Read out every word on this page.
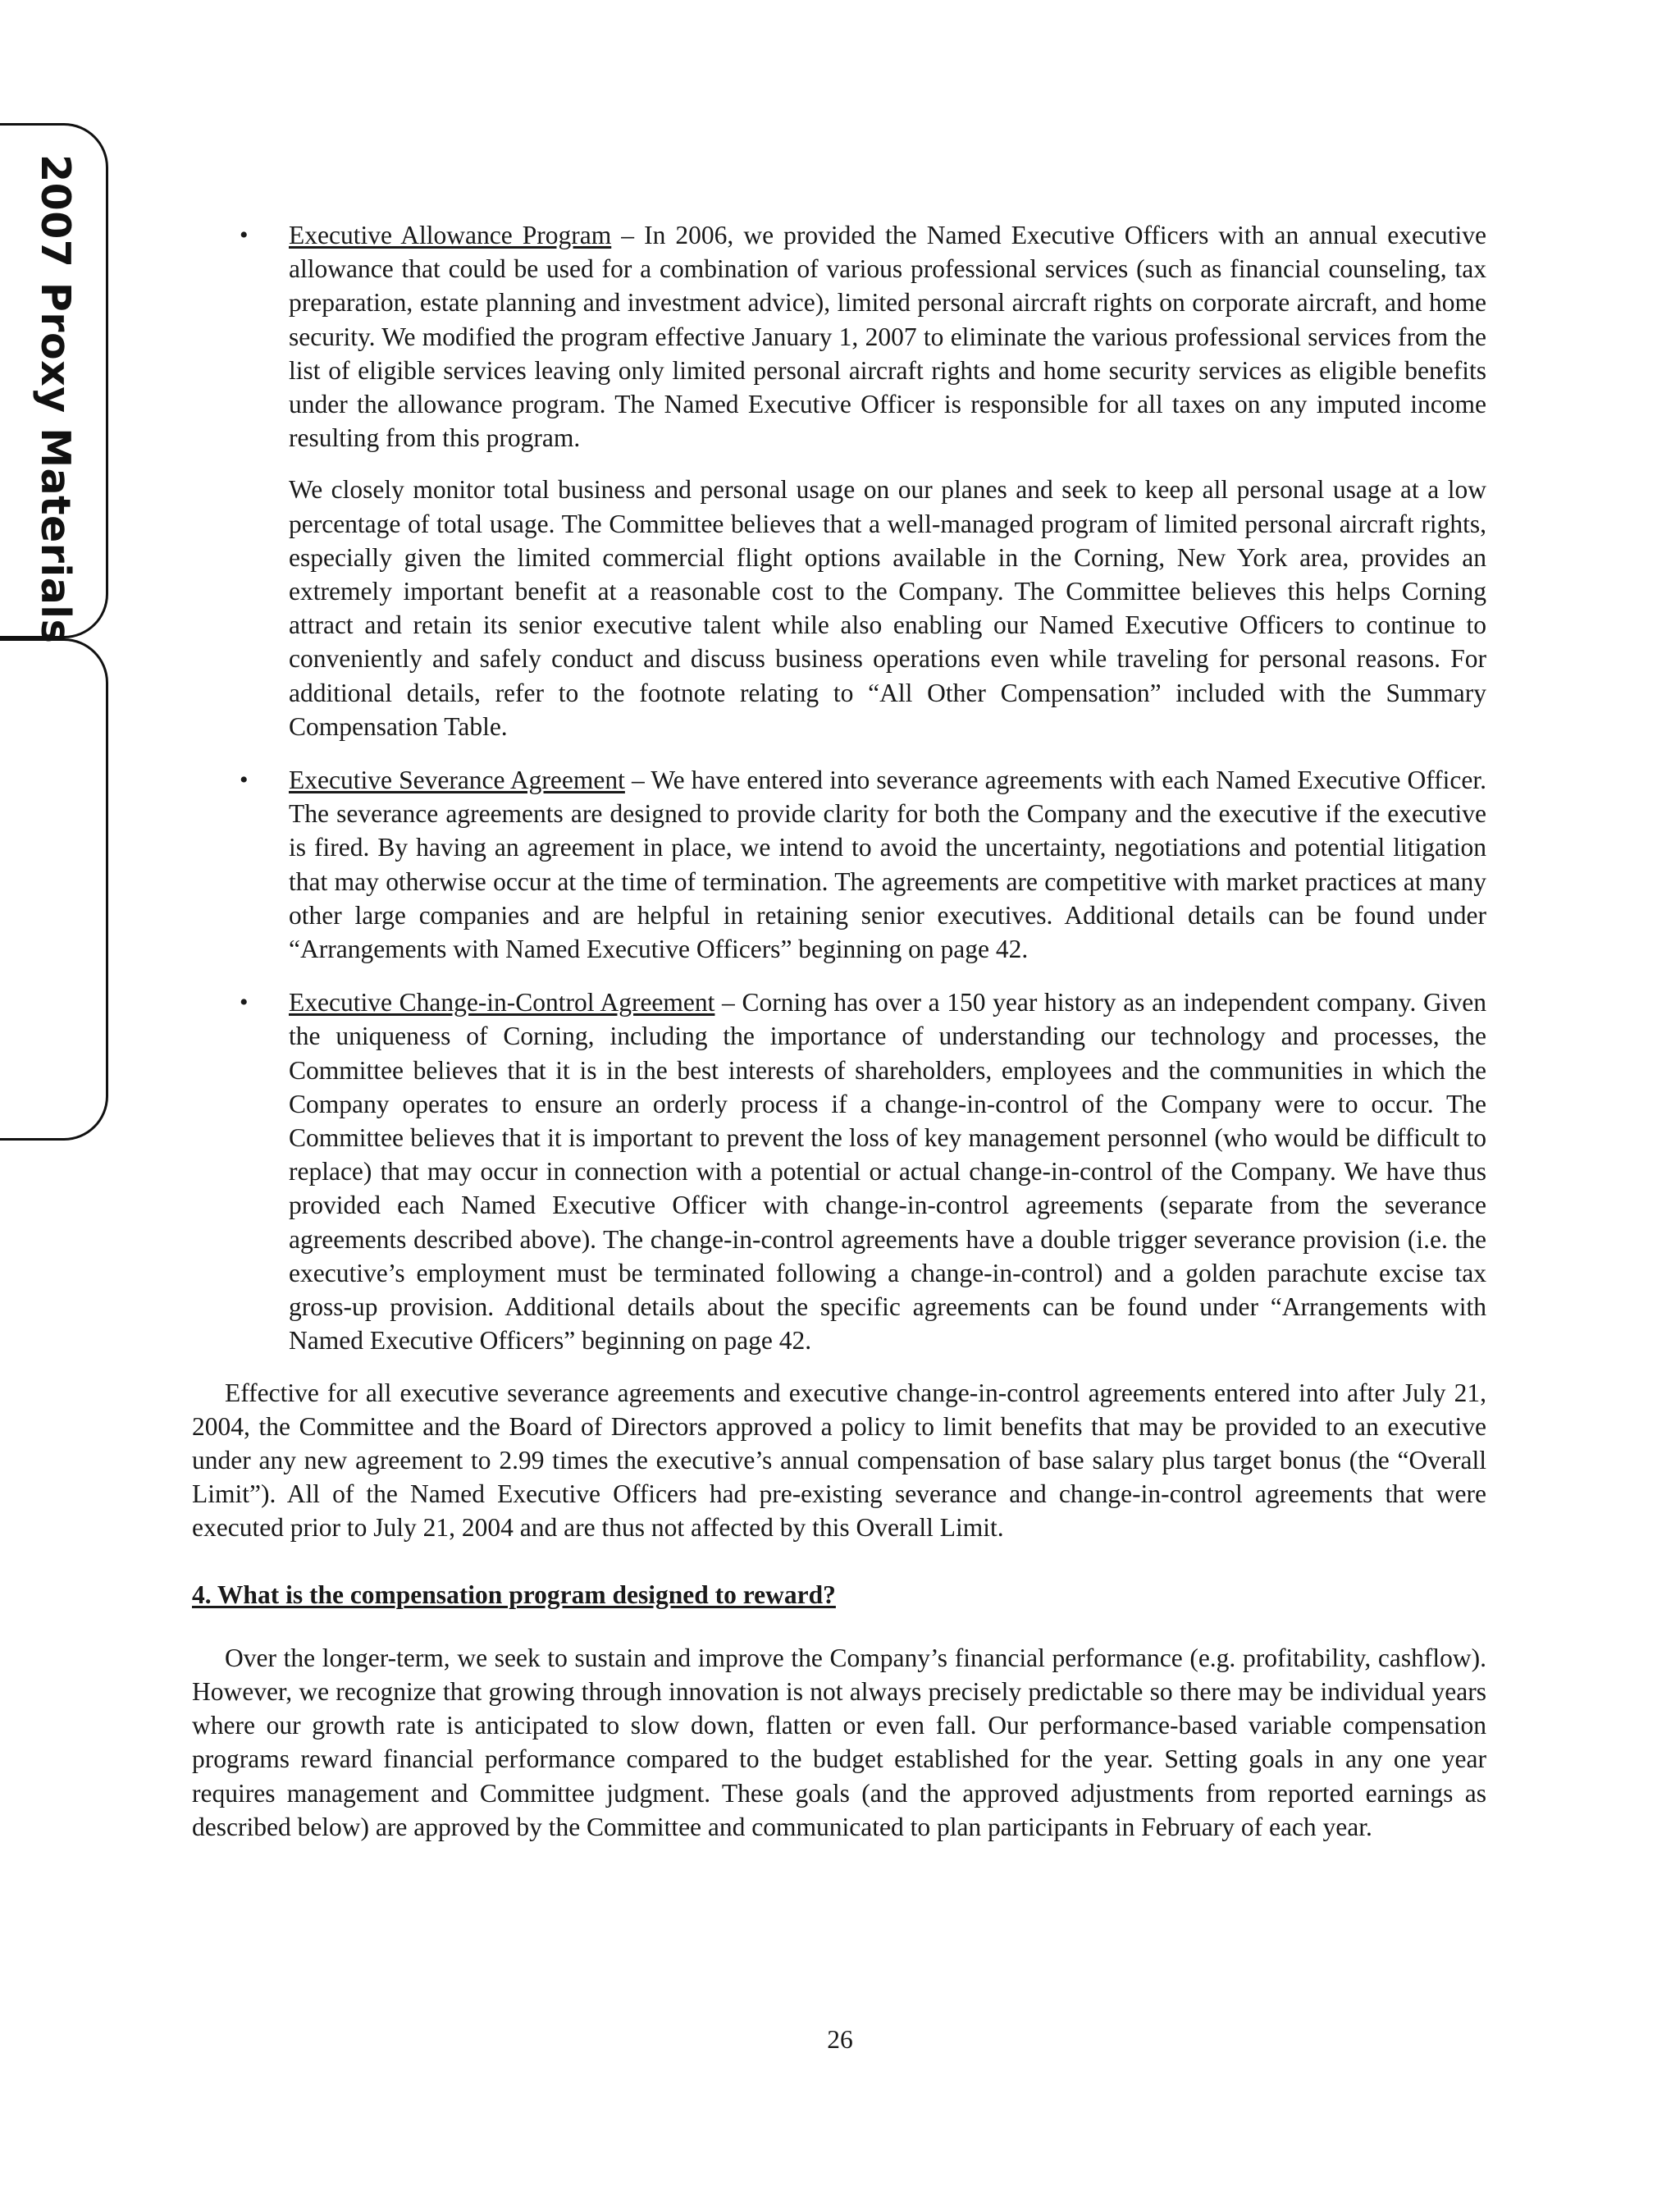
2007 Proxy Materials	• Executive Allowance Program – In 2006, we provided the Named Executive Officers with an annual executive allowance that could be used for a combination of various professional services (such as financial counseling, tax preparation, estate planning and investment advice), limited personal aircraft rights on corporate aircraft, and home security. We modified the program effective January 1, 2007 to eliminate the various professional services from the list of eligible services leaving only limited personal aircraft rights and home security services as eligible benefits under the allowance program. The Named Executive Officer is responsible for all taxes on any imputed income resulting from this program.

We closely monitor total business and personal usage on our planes and seek to keep all personal usage at a low percentage of total usage. The Committee believes that a well-managed program of limited personal aircraft rights, especially given the limited commercial flight options available in the Corning, New York area, provides an extremely important benefit at a reasonable cost to the Company. The Committee believes this helps Corning attract and retain its senior executive talent while also enabling our Named Executive Officers to continue to conveniently and safely conduct and discuss business operations even while traveling for personal reasons. For additional details, refer to the footnote relating to “All Other Compensation” included with the Summary Compensation Table.

• Executive Severance Agreement – We have entered into severance agreements with each Named Executive Officer. The severance agreements are designed to provide clarity for both the Company and the executive if the executive is fired. By having an agreement in place, we intend to avoid the uncertainty, negotiations and potential litigation that may otherwise occur at the time of termination. The agreements are competitive with market practices at many other large companies and are helpful in retaining senior executives. Additional details can be found under “Arrangements with Named Executive Officers” beginning on page 42.

• Executive Change-in-Control Agreement – Corning has over a 150 year history as an independent company. Given the uniqueness of Corning, including the importance of understanding our technology and processes, the Committee believes that it is in the best interests of shareholders, employees and the communities in which the Company operates to ensure an orderly process if a change-in-control of the Company were to occur. The Committee believes that it is important to prevent the loss of key management personnel (who would be difficult to replace) that may occur in connection with a potential or actual change-in-control of the Company. We have thus provided each Named Executive Officer with change-in-control agreements (separate from the severance agreements described above). The change-in-control agreements have a double trigger severance provision (i.e. the executive’s employment must be terminated following a change-in-control) and a golden parachute excise tax gross-up provision. Additional details about the specific agreements can be found under “Arrangements with Named Executive Officers” beginning on page 42.

Effective for all executive severance agreements and executive change-in-control agreements entered into after July 21, 2004, the Committee and the Board of Directors approved a policy to limit benefits that may be provided to an executive under any new agreement to 2.99 times the executive’s annual compensation of base salary plus target bonus (the “Overall Limit”). All of the Named Executive Officers had pre-existing severance and change-in-control agreements that were executed prior to July 21, 2004 and are thus not affected by this Overall Limit.

4. What is the compensation program designed to reward?

Over the longer-term, we seek to sustain and improve the Company’s financial performance (e.g. profitability, cashflow). However, we recognize that growing through innovation is not always precisely predictable so there may be individual years where our growth rate is anticipated to slow down, flatten or even fall. Our performance-based variable compensation programs reward financial performance compared to the budget established for the year. Setting goals in any one year requires management and Committee judgment. These goals (and the approved adjustments from reported earnings as described below) are approved by the Committee and communicated to plan participants in February of each year.

26
